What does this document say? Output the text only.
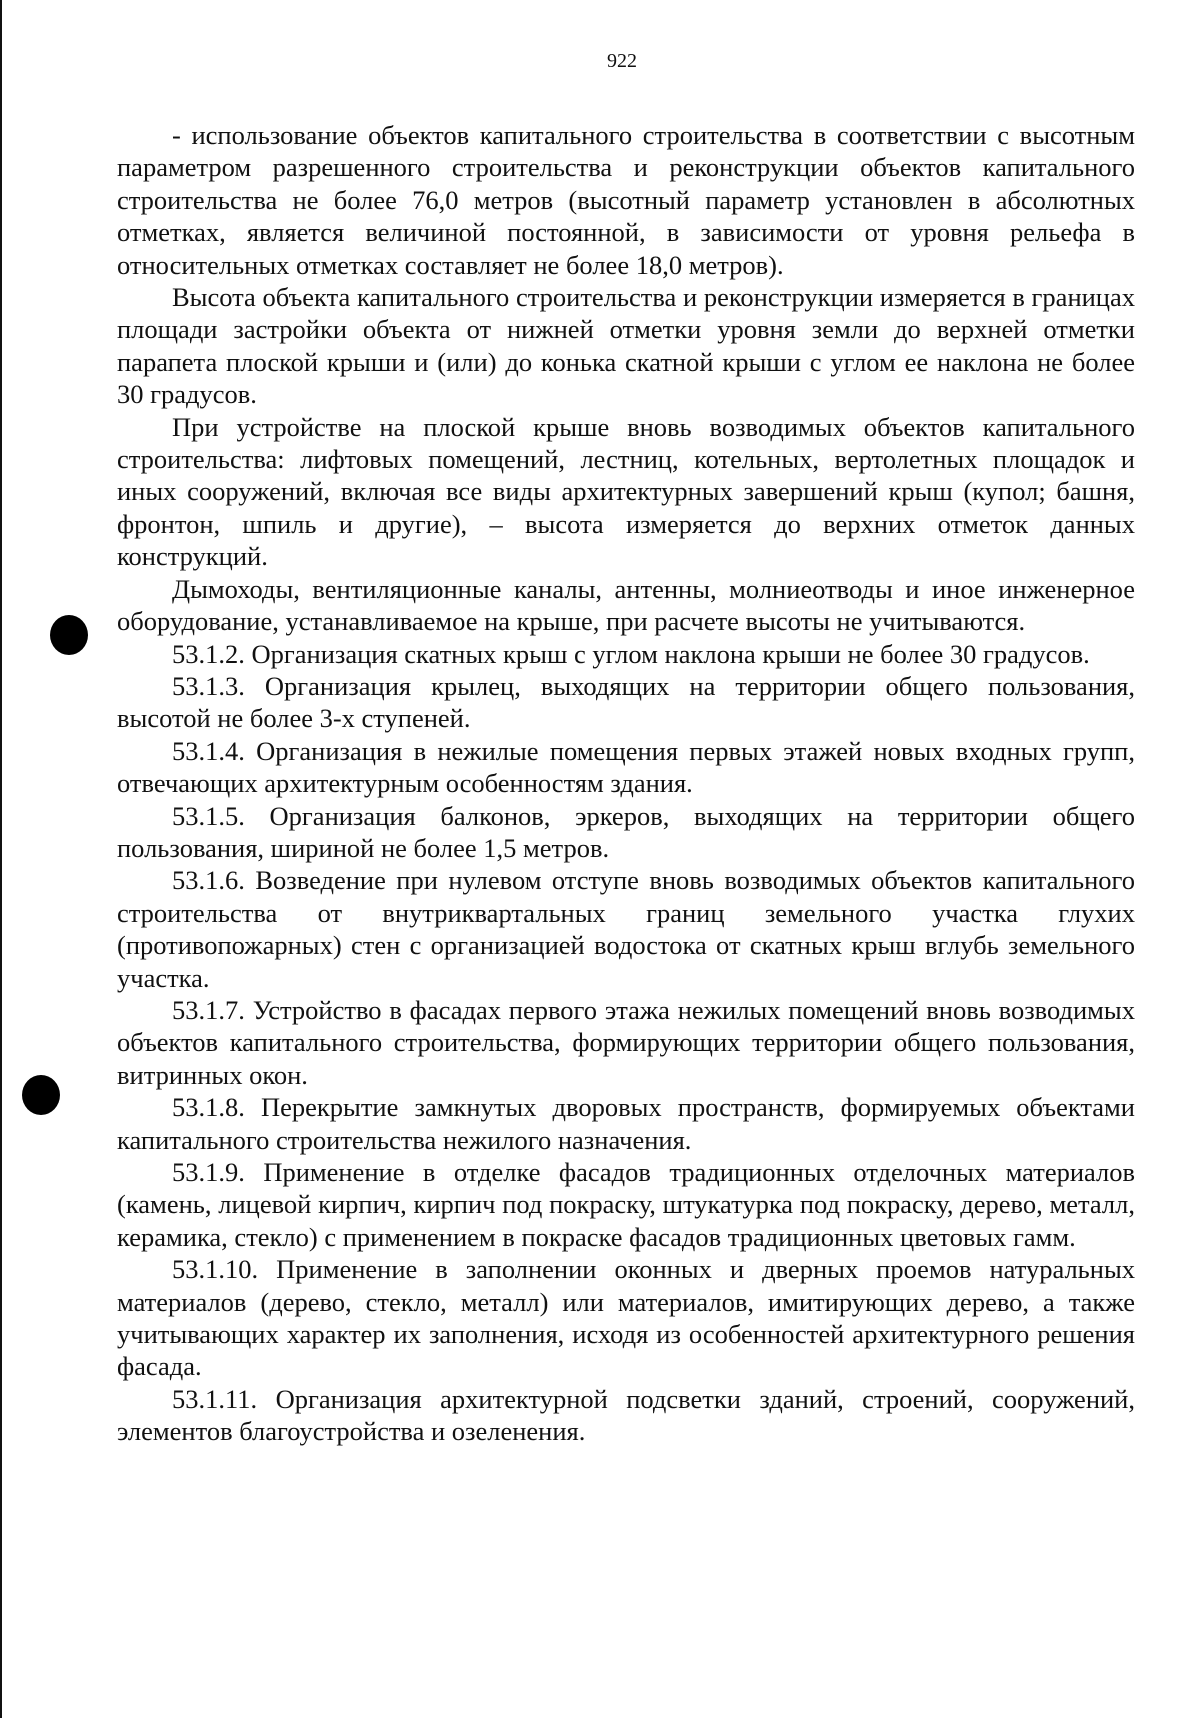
922

- использование объектов капитального строительства в соответствии с высотным параметром разрешенного строительства и реконструкции объектов капитального строительства не более 76,0 метров (высотный параметр установлен в абсолютных отметках, является величиной постоянной, в зависимости от уровня рельефа в относительных отметках составляет не более 18,0 метров).

Высота объекта капитального строительства и реконструкции измеряется в границах площади застройки объекта от нижней отметки уровня земли до верхней отметки парапета плоской крыши и (или) до конька скатной крыши с углом ее наклона не более 30 градусов.

При устройстве на плоской крыше вновь возводимых объектов капитального строительства: лифтовых помещений, лестниц, котельных, вертолетных площадок и иных сооружений, включая все виды архитектурных завершений крыш (купол; башня, фронтон, шпиль и другие), – высота измеряется до верхних отметок данных конструкций.

Дымоходы, вентиляционные каналы, антенны, молниеотводы и иное инженерное оборудование, устанавливаемое на крыше, при расчете высоты не учитываются.

53.1.2. Организация скатных крыш с углом наклона крыши не более 30 градусов.

53.1.3. Организация крылец, выходящих на территории общего пользования, высотой не более 3-х ступеней.

53.1.4. Организация в нежилые помещения первых этажей новых входных групп, отвечающих архитектурным особенностям здания.

53.1.5. Организация балконов, эркеров, выходящих на территории общего пользования, шириной не более 1,5 метров.

53.1.6. Возведение при нулевом отступе вновь возводимых объектов капитального строительства от внутриквартальных границ земельного участка глухих (противопожарных) стен с организацией водостока от скатных крыш вглубь земельного участка.

53.1.7. Устройство в фасадах первого этажа нежилых помещений вновь возводимых объектов капитального строительства, формирующих территории общего пользования, витринных окон.

53.1.8. Перекрытие замкнутых дворовых пространств, формируемых объектами капитального строительства нежилого назначения.

53.1.9. Применение в отделке фасадов традиционных отделочных материалов (камень, лицевой кирпич, кирпич под покраску, штукатурка под покраску, дерево, металл, керамика, стекло) с применением в покраске фасадов традиционных цветовых гамм.

53.1.10. Применение в заполнении оконных и дверных проемов натуральных материалов (дерево, стекло, металл) или материалов, имитирующих дерево, а также учитывающих характер их заполнения, исходя из особенностей архитектурного решения фасада.

53.1.11. Организация архитектурной подсветки зданий, строений, сооружений, элементов благоустройства и озеленения.
